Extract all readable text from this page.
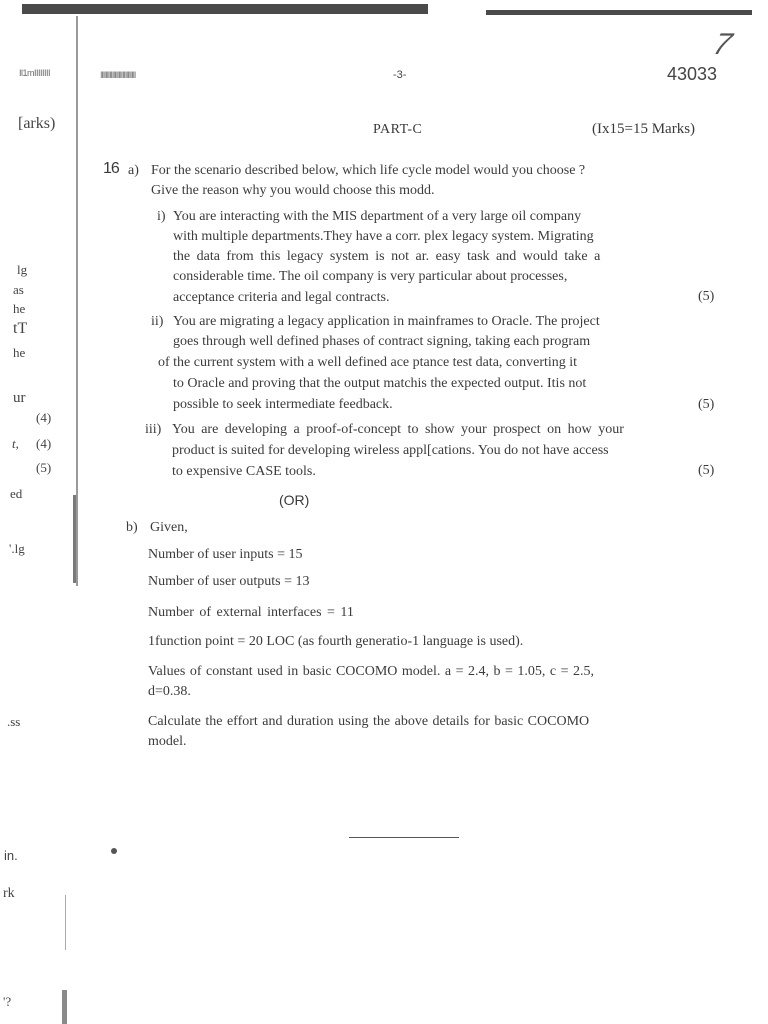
Il1mIIIIIIII	IIIIIIIIIIIIIIIIIIIIIIIIIII	-3-	43033
7
[arks)
lg
as
he
tT
he
ur
(4)
t, (4)
(5)
ed
'.lg
.ss
in.
rk
'?
PART-C	(Ix15=15 Marks)
16 a) For the scenario described below, which life cycle model would you choose ?
Give the reason why you would choose this modd.
i) You are interacting with the MIS department of a very large oil company
with multiple departments.They have a corr. plex legacy system. Migrating
the data from this legacy system is not ar. easy task and would take a
considerable time. The oil company is very particular about processes,
acceptance criteria and legal contracts.	(5)
ii) You are migrating a legacy application in mainframes to Oracle. The project
goes through well defined phases of contract signing, taking each program
of the current system with a well defined ace ptance test data, converting it
to Oracle and proving that the output matchis the expected output. Itis not
possible to seek intermediate feedback.	(5)
iii) You are developing a proof-of-concept to show your prospect on how your
product is suited for developing wireless appl[cations. You do not have access
to expensive CASE tools.	(5)
(OR)
b) Given,
Number of user inputs = 15
Number of user outputs = 13
Number of external interfaces = 11
1function point = 20 LOC (as fourth generatio-1 language is used).
Values of constant used in basic COCOMO model. a = 2.4, b = 1.05, c = 2.5,
d=0.38.
Calculate the effort and duration using the above details for basic COCOMO
model.
